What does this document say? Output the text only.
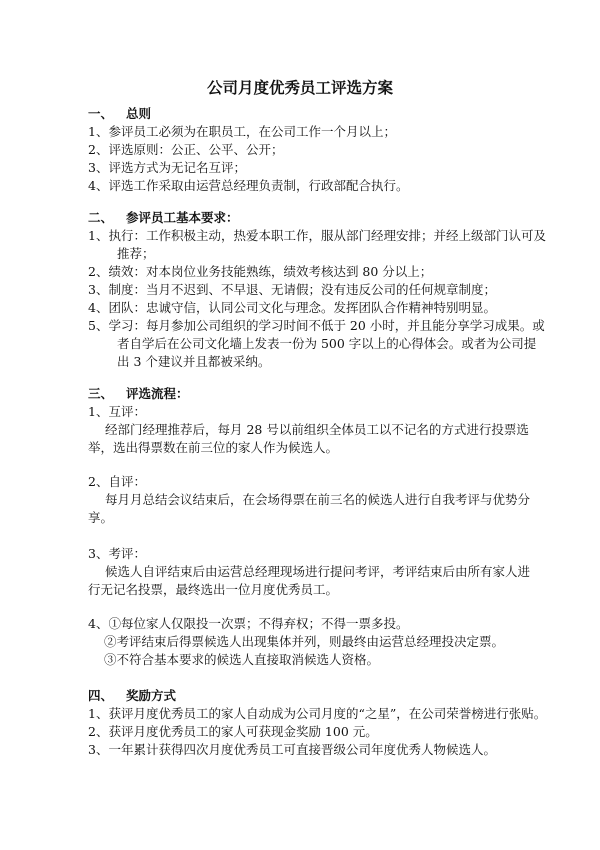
公司月度优秀员工评选方案
一、 总则
1、参评员工必须为在职员工，在公司工作一个月以上；
2、评选原则：公正、公平、公开；
3、评选方式为无记名互评；
4、评选工作采取由运营总经理负责制，行政部配合执行。
二、 参评员工基本要求：
1、执行：工作积极主动，热爱本职工作，服从部门经理安排；并经上级部门认可及
推荐；
2、绩效：对本岗位业务技能熟练，绩效考核达到 80 分以上；
3、制度：当月不迟到、不早退、无请假；没有违反公司的任何规章制度；
4、团队：忠诚守信，认同公司文化与理念。发挥团队合作精神特别明显。
5、学习：每月参加公司组织的学习时间不低于 20 小时，并且能分享学习成果。或
者自学后在公司文化墙上发表一份为 500 字以上的心得体会。或者为公司提
出 3 个建议并且都被采纳。
三、 评选流程：
1、互评：
经部门经理推荐后，每月 28 号以前组织全体员工以不记名的方式进行投票选
举，选出得票数在前三位的家人作为候选人。
2、自评：
每月月总结会议结束后，在会场得票在前三名的候选人进行自我考评与优势分
享。
3、考评：
候选人自评结束后由运营总经理现场进行提问考评，考评结束后由所有家人进
行无记名投票，最终选出一位月度优秀员工。
4、①每位家人仅限投一次票；不得弃权；不得一票多投。
②考评结束后得票候选人出现集体并列，则最终由运营总经理投决定票。
③不符合基本要求的候选人直接取消候选人资格。
四、 奖励方式
1、获评月度优秀员工的家人自动成为公司月度的“之星”，在公司荣誉榜进行张贴。
2、获评月度优秀员工的家人可获现金奖励 100 元。
3、一年累计获得四次月度优秀员工可直接晋级公司年度优秀人物候选人。
